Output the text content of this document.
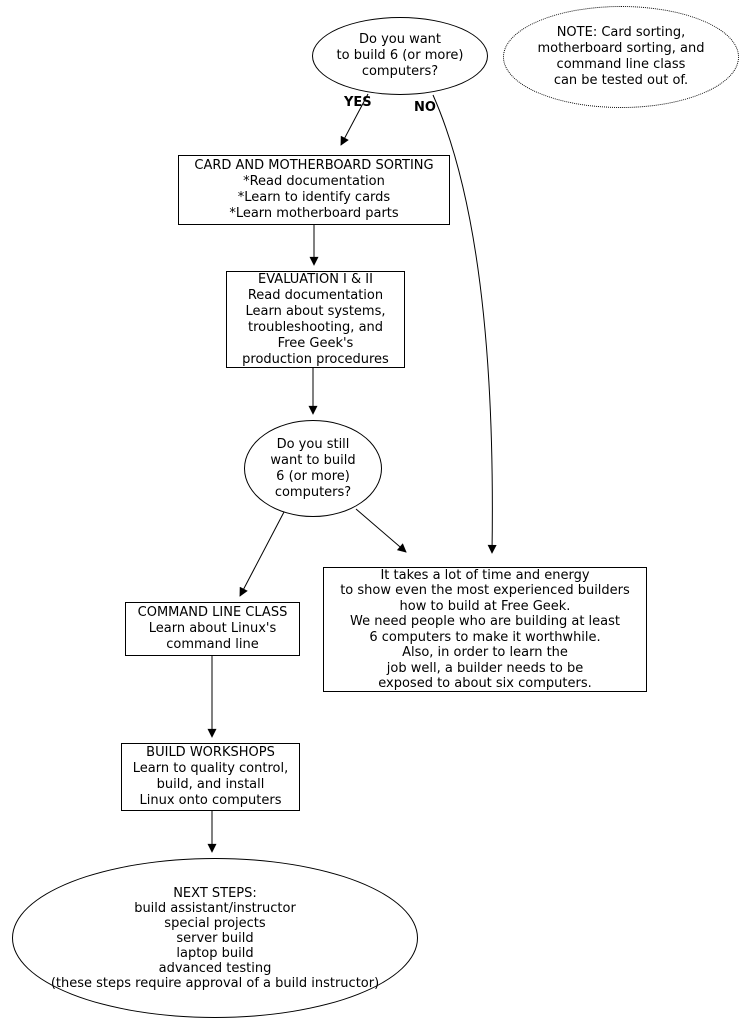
Do you want
to build 6 (or more)
computers?
NOTE: Card sorting,
motherboard sorting, and
command line class
can be tested out of.
YES	NO
CARD AND MOTHERBOARD SORTING
*Read documentation
*Learn to identify cards
*Learn motherboard parts
EVALUATION I & II
Read documentation
Learn about systems,
troubleshooting, and
Free Geek's
production procedures
Do you still
want to build
6 (or more)
computers?
COMMAND LINE CLASS
Learn about Linux's
command line
It takes a lot of time and energy
to show even the most experienced builders
how to build at Free Geek.
We need people who are building at least
6 computers to make it worthwhile.
Also, in order to learn the
job well, a builder needs to be
exposed to about six computers.
BUILD WORKSHOPS
Learn to quality control,
build, and install
Linux onto computers
NEXT STEPS:
build assistant/instructor
special projects
server build
laptop build
advanced testing
(these steps require approval of a build instructor)
